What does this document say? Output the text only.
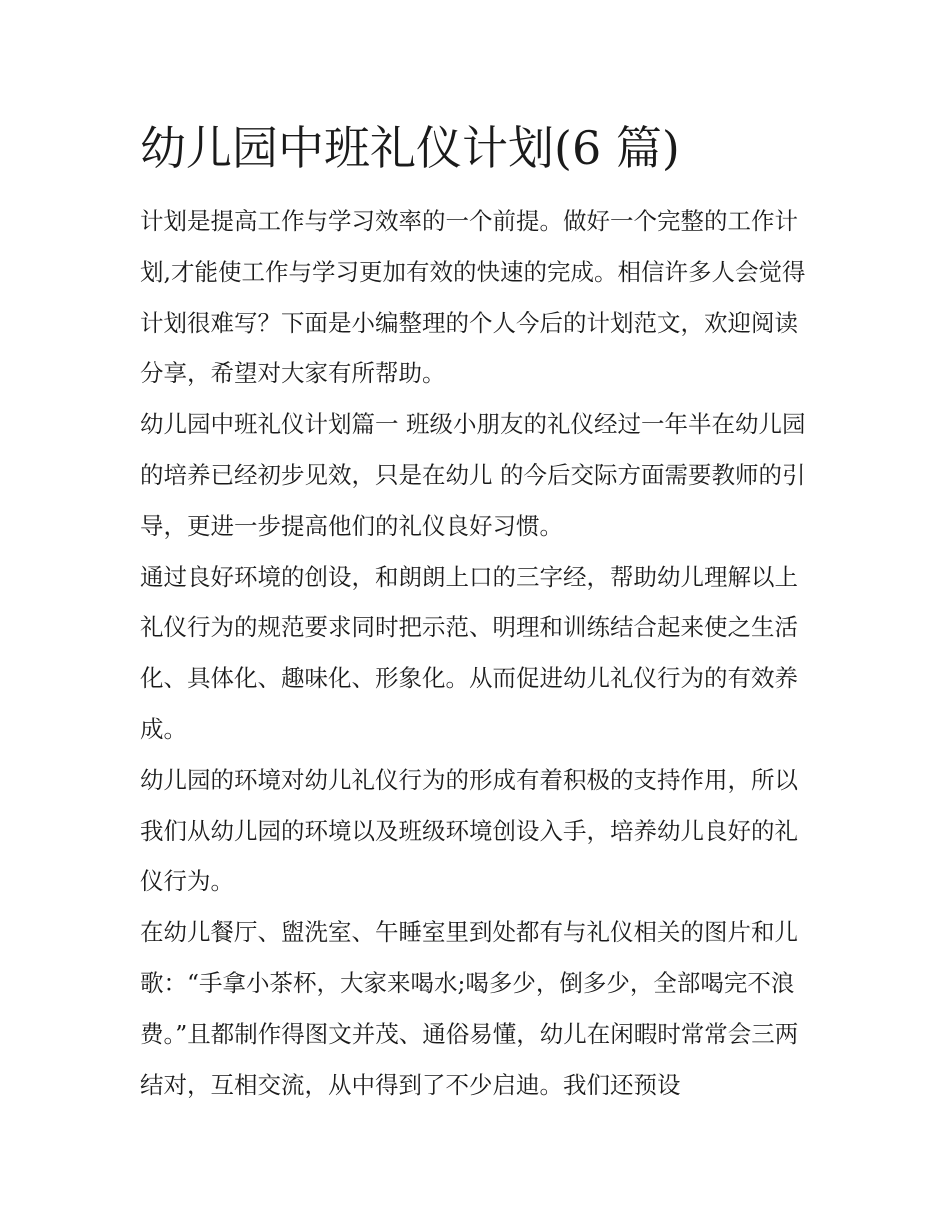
幼儿园中班礼仪计划(6 篇)

计划是提高工作与学习效率的一个前提。做好一个完整的工作计划,才能使工作与学习更加有效的快速的完成。相信许多人会觉得计划很难写？下面是小编整理的个人今后的计划范文，欢迎阅读分享，希望对大家有所帮助。

幼儿园中班礼仪计划篇一 班级小朋友的礼仪经过一年半在幼儿园的培养已经初步见效，只是在幼儿 的今后交际方面需要教师的引导，更进一步提高他们的礼仪良好习惯。

通过良好环境的创设，和朗朗上口的三字经，帮助幼儿理解以上礼仪行为的规范要求同时把示范、明理和训练结合起来使之生活化、具体化、趣味化、形象化。从而促进幼儿礼仪行为的有效养成。

幼儿园的环境对幼儿礼仪行为的形成有着积极的支持作用，所以我们从幼儿园的环境以及班级环境创设入手，培养幼儿良好的礼仪行为。

在幼儿餐厅、盥洗室、午睡室里到处都有与礼仪相关的图片和儿歌：“手拿小茶杯，大家来喝水;喝多少，倒多少，全部喝完不浪费。”且都制作得图文并茂、通俗易懂，幼儿在闲暇时常常会三两结对，互相交流，从中得到了不少启迪。我们还预设
